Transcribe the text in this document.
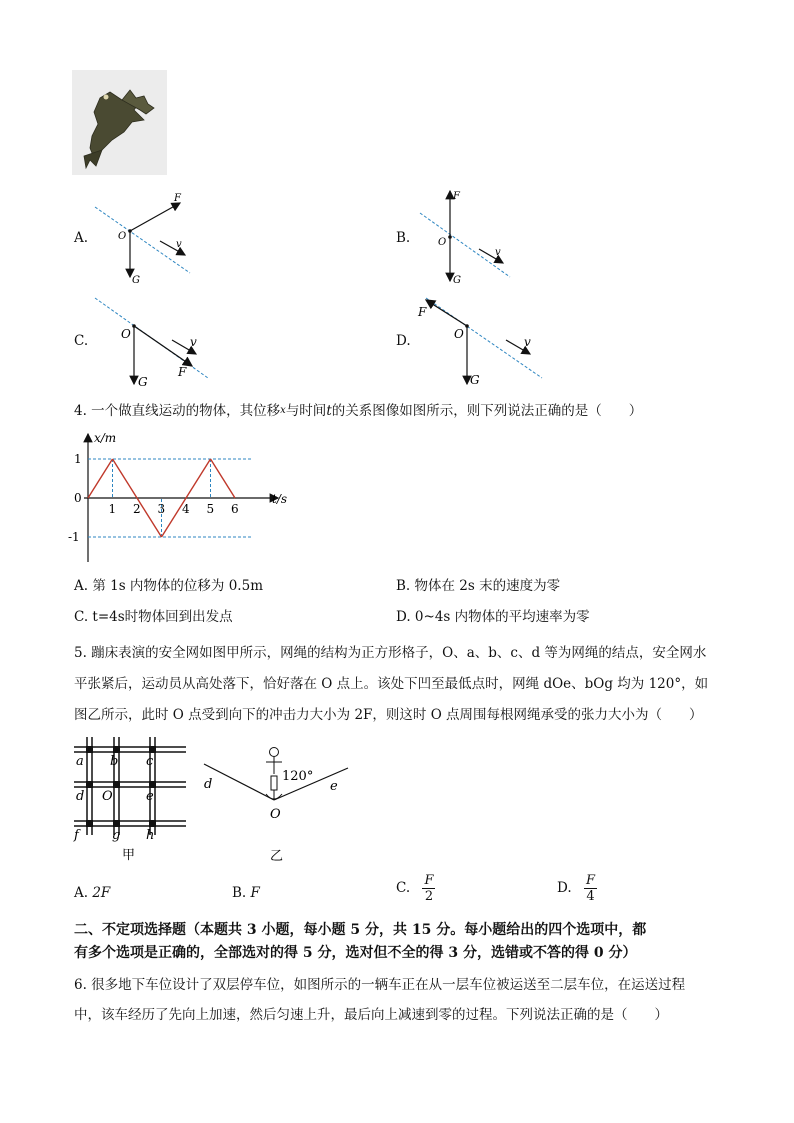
A.
F
O
v
G
B.
F
O
v
G
C.
F
O
v
G
D.
F
O
v
G
4. 一个做直线运动的物体，其位移x与时间t的关系图像如图所示，则下列说法正确的是（　　）
x/m
t/s
1 2 3 4 5 6
1
0
-1
A. 第 1s 内物体的位移为 0.5m	B. 物体在 2s 末的速度为零
C. t=4s时物体回到出发点	D. 0~4s 内物体的平均速率为零
5. 蹦床表演的安全网如图甲所示，网绳的结构为正方形格子，O、a、b、c、d 等为网绳的结点，安全网水
平张紧后，运动员从高处落下，恰好落在 O 点上。该处下凹至最低点时，网绳 dOe、bOg 均为 120°，如
图乙所示，此时 O 点受到向下的冲击力大小为 2F，则这时 O 点周围每根网绳承受的张力大小为（　　）
a b c
d O	e
f	g h
甲
120°
d	e
O
乙
A. 2F	B. F	C. $\frac{F}{2}$	D. $\frac{F}{4}$
二、不定项选择题（本题共 3 小题，每小题 5 分，共 15 分。每小题给出的四个选项中，都
有多个选项是正确的，全部选对的得 5 分，选对但不全的得 3 分，选错或不答的得 0 分）
6. 很多地下车位设计了双层停车位，如图所示的一辆车正在从一层车位被运送至二层车位，在运送过程
中，该车经历了先向上加速，然后匀速上升，最后向上减速到零的过程。下列说法正确的是（　　）
